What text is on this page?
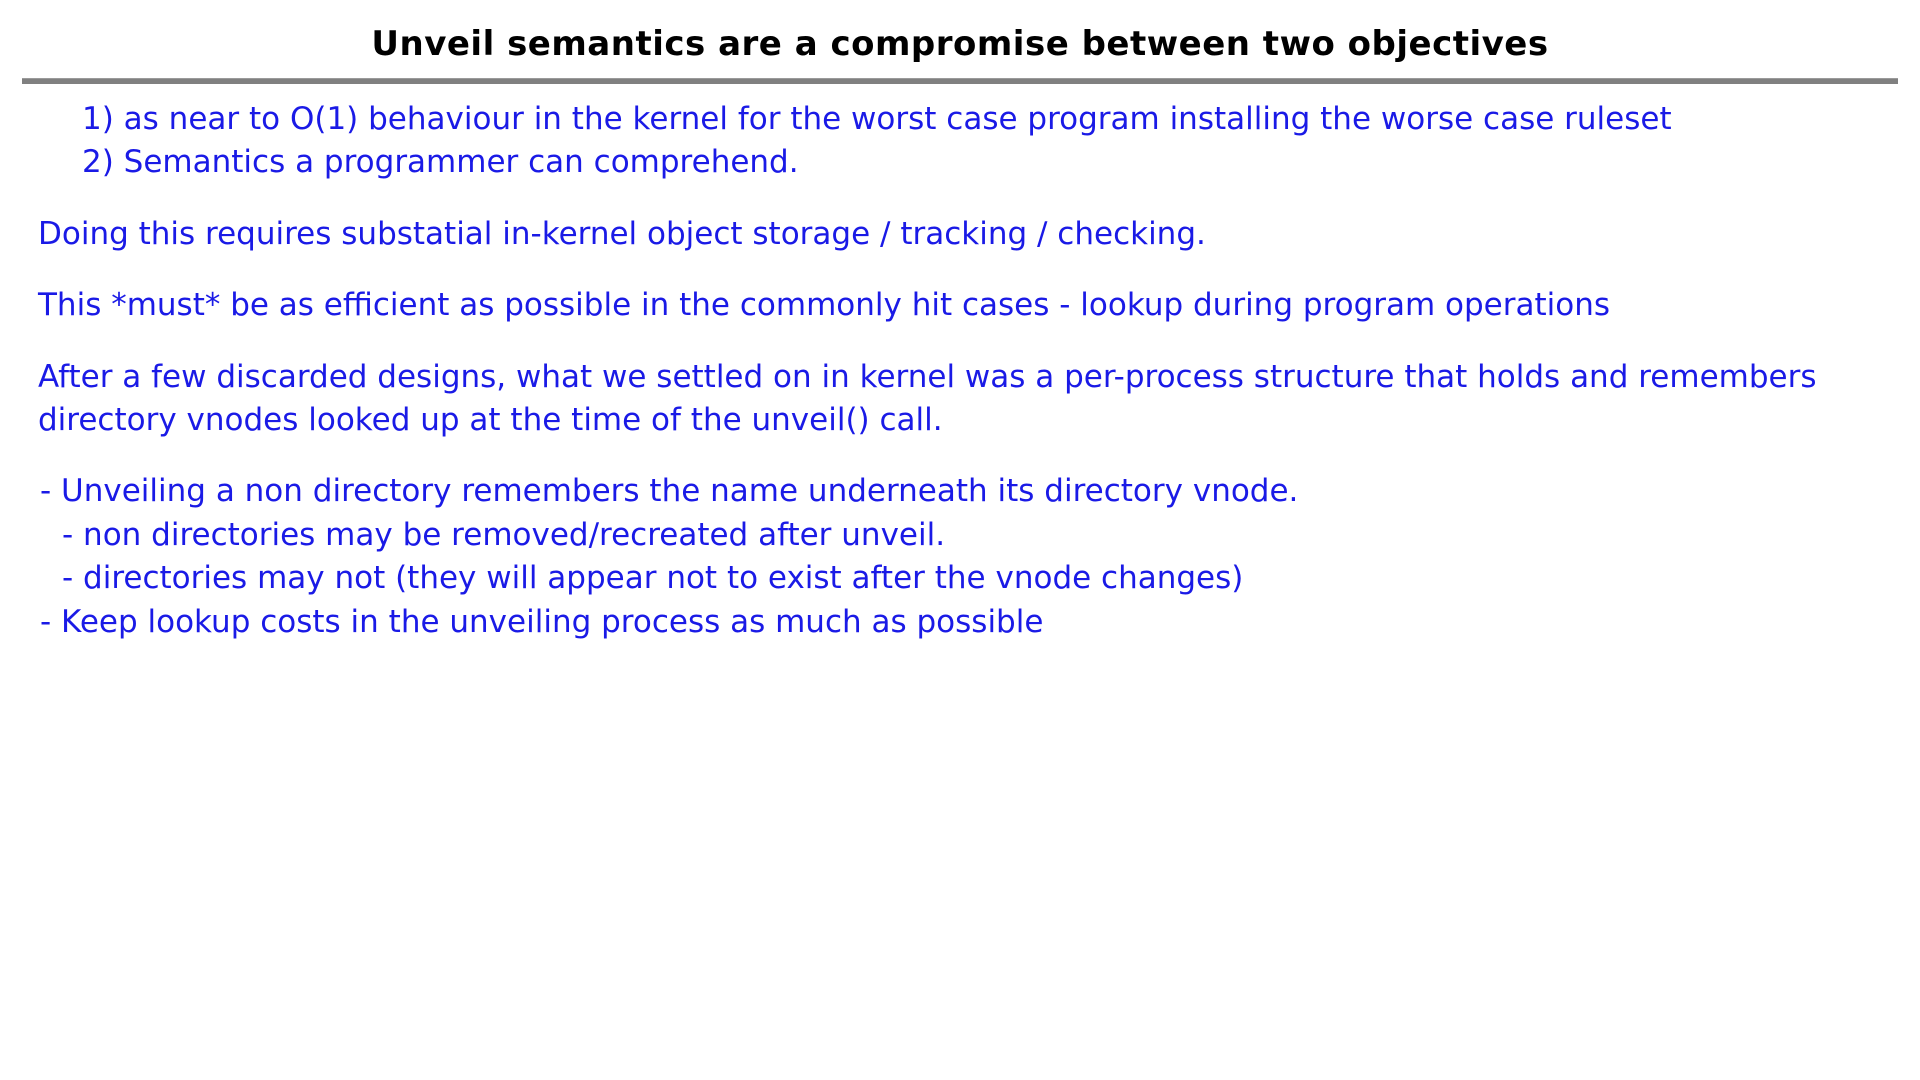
Unveil semantics are a compromise between two objectives
1) as near to O(1) behaviour in the kernel for the worst case program installing the worse case ruleset
2) Semantics a programmer can comprehend.
Doing this requires substatial in-kernel object storage / tracking / checking.
This *must* be as efficient as possible in the commonly hit cases - lookup during program operations
After a few discarded designs, what we settled on in kernel was a per-process structure that holds and remembers directory vnodes looked up at the time of the unveil() call.
- Unveiling a non directory remembers the name underneath its directory vnode.
- non directories may be removed/recreated after unveil.
- directories may not (they will appear not to exist after the vnode changes)
- Keep lookup costs in the unveiling process as much as possible
